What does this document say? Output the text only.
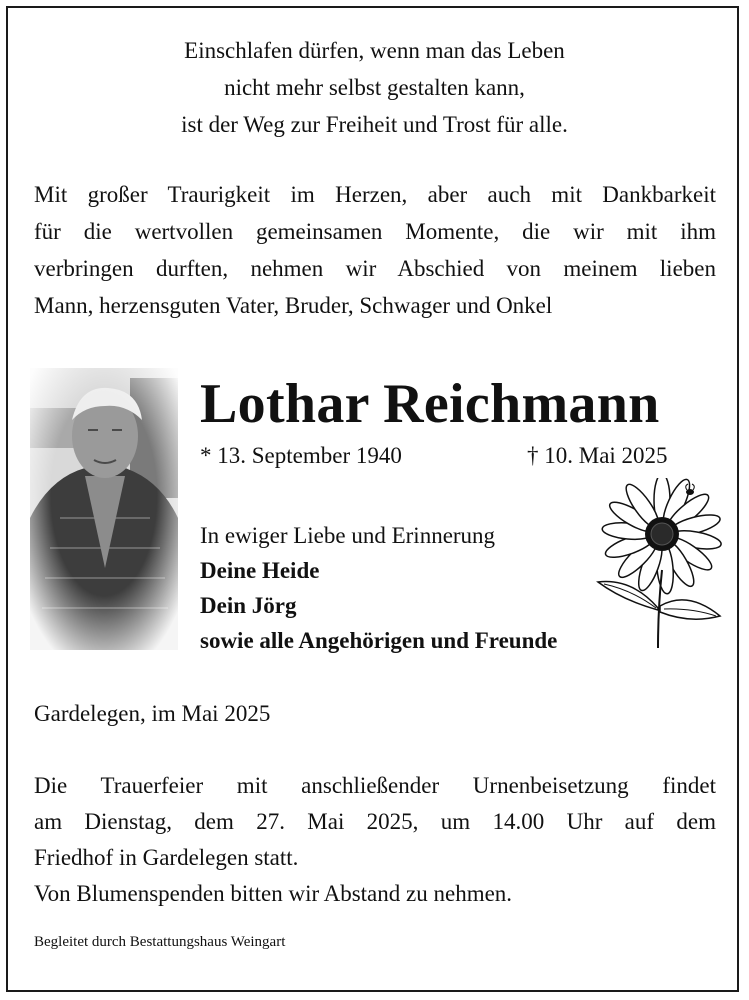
Einschlafen dürfen, wenn man das Leben
nicht mehr selbst gestalten kann,
ist der Weg zur Freiheit und Trost für alle.
Mit großer Traurigkeit im Herzen, aber auch mit Dankbarkeit
für die wertvollen gemeinsamen Momente, die wir mit ihm
verbringen durften, nehmen wir Abschied von meinem lieben
Mann, herzensguten Vater, Bruder, Schwager und Onkel
Lothar Reichmann
* 13. September 1940	† 10. Mai 2025
In ewiger Liebe und Erinnerung
Deine Heide
Dein Jörg
sowie alle Angehörigen und Freunde
Gardelegen, im Mai 2025
Die Trauerfeier mit anschließender Urnenbeisetzung findet
am Dienstag, dem 27. Mai 2025, um 14.00 Uhr auf dem
Friedhof in Gardelegen statt.
Von Blumenspenden bitten wir Abstand zu nehmen.
Begleitet durch Bestattungshaus Weingart
